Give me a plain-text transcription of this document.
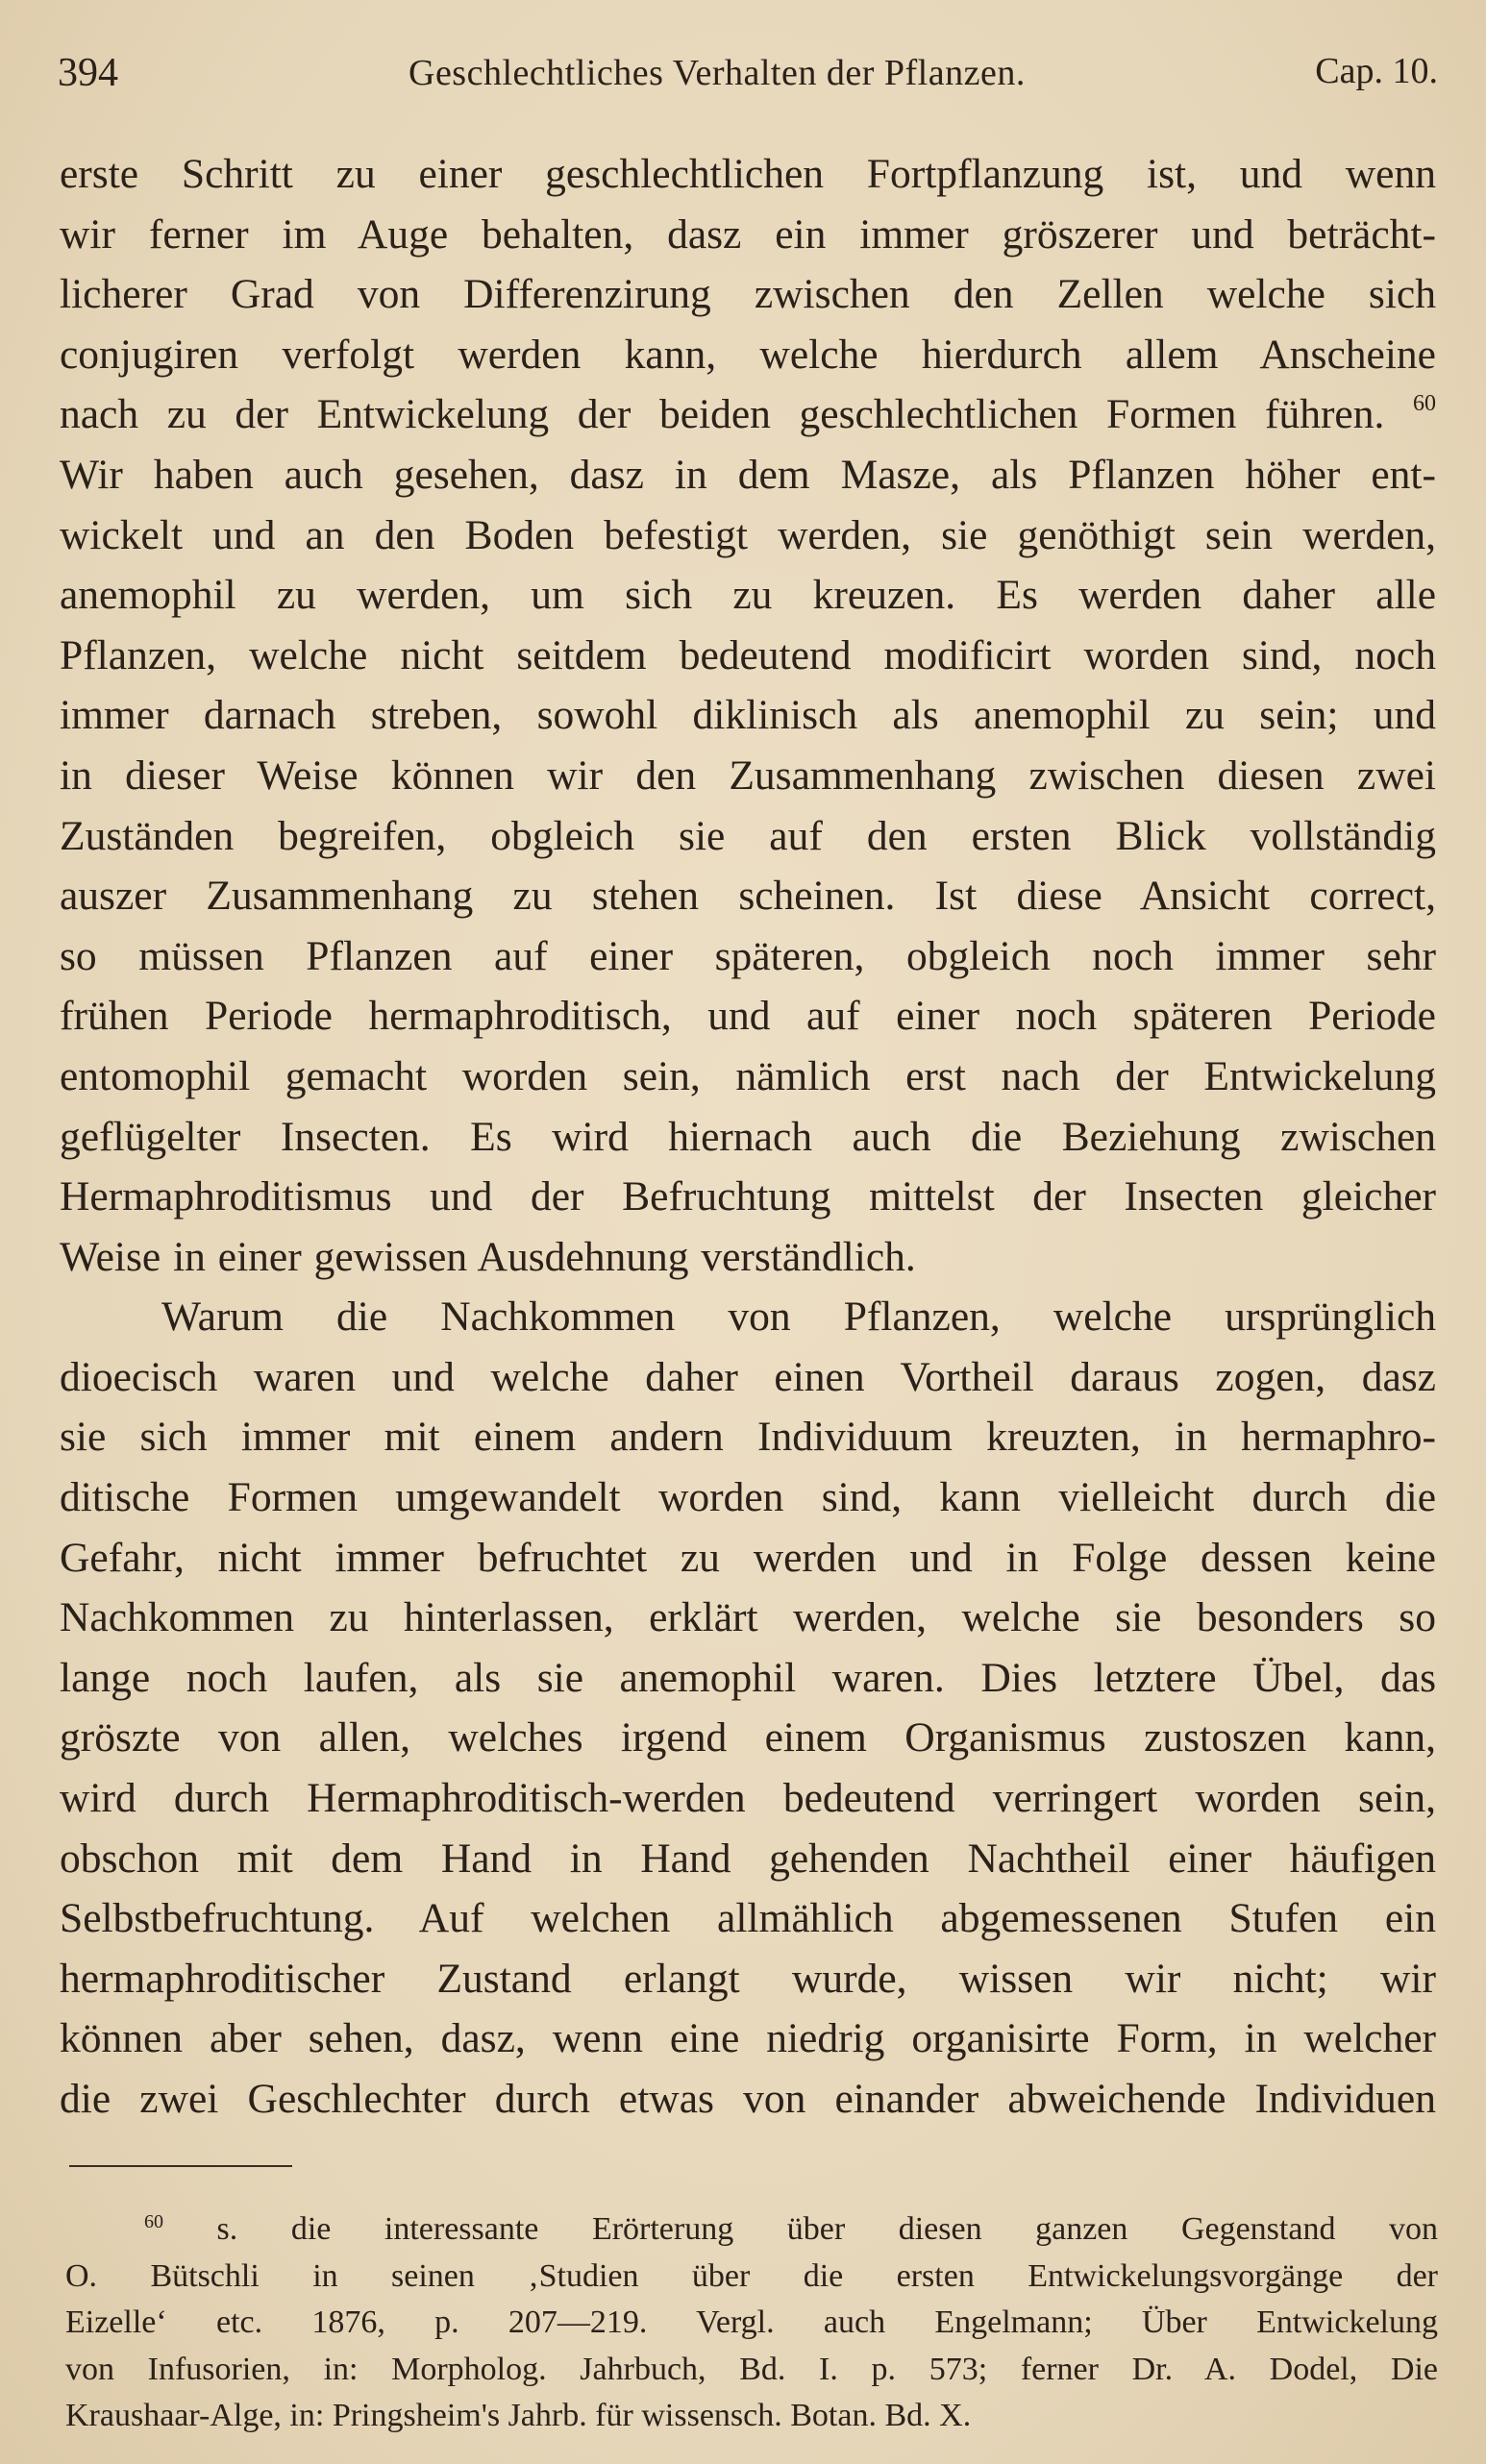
394	Geschlechtliches Verhalten der Pflanzen.	Cap. 10.
erste Schritt zu einer geschlechtlichen Fortpflanzung ist, und wenn
wir ferner im Auge behalten, dasz ein immer gröszerer und beträcht-
licherer Grad von Differenzirung zwischen den Zellen welche sich
conjugiren verfolgt werden kann, welche hierdurch allem Anscheine
nach zu der Entwickelung der beiden geschlechtlichen Formen führen. $^{60}$
Wir haben auch gesehen, dasz in dem Masze, als Pflanzen höher ent-
wickelt und an den Boden befestigt werden, sie genöthigt sein werden,
anemophil zu werden, um sich zu kreuzen. Es werden daher alle
Pflanzen, welche nicht seitdem bedeutend modificirt worden sind, noch
immer darnach streben, sowohl diklinisch als anemophil zu sein; und
in dieser Weise können wir den Zusammenhang zwischen diesen zwei
Zuständen begreifen, obgleich sie auf den ersten Blick vollständig
auszer Zusammenhang zu stehen scheinen. Ist diese Ansicht correct,
so müssen Pflanzen auf einer späteren, obgleich noch immer sehr
frühen Periode hermaphroditisch, und auf einer noch späteren Periode
entomophil gemacht worden sein, nämlich erst nach der Entwickelung
geflügelter Insecten. Es wird hiernach auch die Beziehung zwischen
Hermaphroditismus und der Befruchtung mittelst der Insecten gleicher
Weise in einer gewissen Ausdehnung verständlich.
Warum die Nachkommen von Pflanzen, welche ursprünglich
dioecisch waren und welche daher einen Vortheil daraus zogen, dasz
sie sich immer mit einem andern Individuum kreuzten, in hermaphro-
ditische Formen umgewandelt worden sind, kann vielleicht durch die
Gefahr, nicht immer befruchtet zu werden und in Folge dessen keine
Nachkommen zu hinterlassen, erklärt werden, welche sie besonders so
lange noch laufen, als sie anemophil waren. Dies letztere Übel, das
gröszte von allen, welches irgend einem Organismus zustoszen kann,
wird durch Hermaphroditisch-werden bedeutend verringert worden sein,
obschon mit dem Hand in Hand gehenden Nachtheil einer häufigen
Selbstbefruchtung. Auf welchen allmählich abgemessenen Stufen ein
hermaphroditischer Zustand erlangt wurde, wissen wir nicht; wir
können aber sehen, dasz, wenn eine niedrig organisirte Form, in welcher
die zwei Geschlechter durch etwas von einander abweichende Individuen
$^{60}$ s. die interessante Erörterung über diesen ganzen Gegenstand von
O. Bütschli in seinen ‚Studien über die ersten Entwickelungsvorgänge der
Eizelle‘ etc. 1876, p. 207—219. Vergl. auch Engelmann; Über Entwickelung
von Infusorien, in: Morpholog. Jahrbuch, Bd. I. p. 573; ferner Dr. A. Dodel, Die
Kraushaar-Alge, in: Pringsheim's Jahrb. für wissensch. Botan. Bd. X.
